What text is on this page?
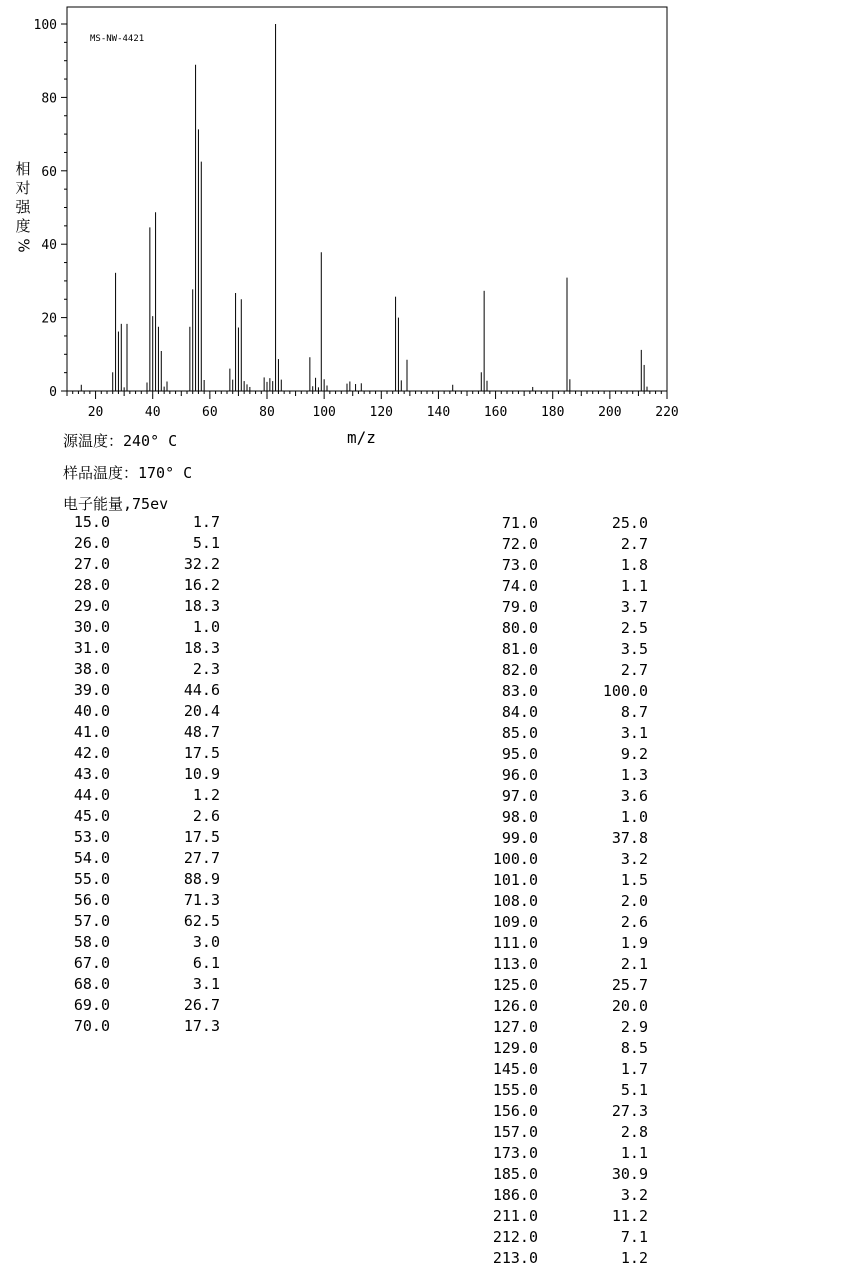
0
20
40
60
80
100
20	40	60	80	100	120	140	160	180	200	220
MS-NW-4421
相
对
强
度
%
m/z
源温度：240° C
样品温度：170° C
电子能量,75ev
15.0	1.7
26.0	5.1
27.0	32.2
28.0	16.2
29.0	18.3
30.0	1.0
31.0	18.3
38.0	2.3
39.0	44.6
40.0	20.4
41.0	48.7
42.0	17.5
43.0	10.9
44.0	1.2
45.0	2.6
53.0	17.5
54.0	27.7
55.0	88.9
56.0	71.3
57.0	62.5
58.0	3.0
67.0	6.1
68.0	3.1
69.0	26.7
70.0	17.3
71.0	25.0
72.0	2.7
73.0	1.8
74.0	1.1
79.0	3.7
80.0	2.5
81.0	3.5
82.0	2.7
83.0	100.0
84.0	8.7
85.0	3.1
95.0	9.2
96.0	1.3
97.0	3.6
98.0	1.0
99.0	37.8
100.0	3.2
101.0	1.5
108.0	2.0
109.0	2.6
111.0	1.9
113.0	2.1
125.0	25.7
126.0	20.0
127.0	2.9
129.0	8.5
145.0	1.7
155.0	5.1
156.0	27.3
157.0	2.8
173.0	1.1
185.0	30.9
186.0	3.2
211.0	11.2
212.0	7.1
213.0	1.2
